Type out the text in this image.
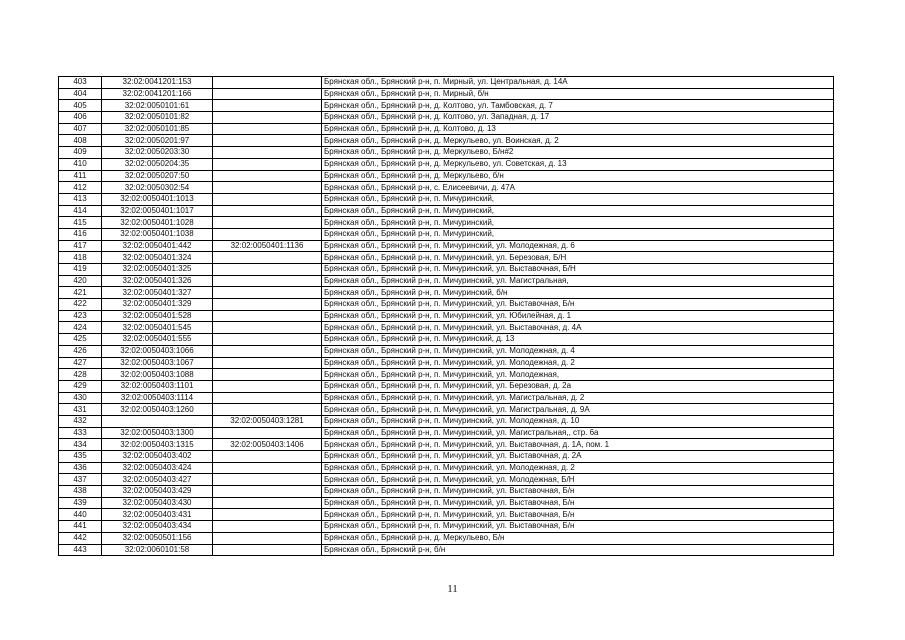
403	32:02:0041201:153		Брянская обл., Брянский р-н, п. Мирный, ул. Центральная, д. 14А
404	32:02:0041201:166		Брянская обл., Брянский р-н, п. Мирный, б/н
405	32:02:0050101:61		Брянская обл., Брянский р-н, д. Колтово, ул. Тамбовская, д. 7
406	32:02:0050101:82		Брянская обл., Брянский р-н, д. Колтово, ул. Западная, д. 17
407	32:02:0050101:85		Брянская обл., Брянский р-н, д. Колтово, д. 13
408	32:02:0050201:97		Брянская обл., Брянский р-н, д. Меркульево, ул. Воинская, д. 2
409	32:02:0050203:30		Брянская обл., Брянский р-н, д. Меркульево, Б/н#2
410	32:02:0050204:35		Брянская обл., Брянский р-н, д. Меркульево, ул. Советская, д. 13
411	32:02:0050207:50		Брянская обл., Брянский р-н, д. Меркульево, б/н
412	32:02:0050302:54		Брянская обл., Брянский р-н, с. Елисеевичи, д. 47А
413	32:02:0050401:1013		Брянская обл., Брянский р-н, п. Мичуринский,
414	32:02:0050401:1017		Брянская обл., Брянский р-н, п. Мичуринский,
415	32:02:0050401:1028		Брянская обл., Брянский р-н, п. Мичуринский,
416	32:02:0050401:1038		Брянская обл., Брянский р-н, п. Мичуринский,
417	32:02:0050401:442	32:02:0050401:1136	Брянская обл., Брянский р-н, п. Мичуринский, ул. Молодежная, д. 6
418	32:02:0050401:324		Брянская обл., Брянский р-н, п. Мичуринский, ул. Березовая, Б/Н
419	32:02:0050401:325		Брянская обл., Брянский р-н, п. Мичуринский, ул. Выставочная, Б/Н
420	32:02:0050401:326		Брянская обл., Брянский р-н, п. Мичуринский, ул. Магистральная,
421	32:02:0050401:327		Брянская обл., Брянский р-н, п. Мичуринский, б/н
422	32:02:0050401:329		Брянская обл., Брянский р-н, п. Мичуринский, ул. Выставочная, Б/н
423	32:02:0050401:528		Брянская обл., Брянский р-н, п. Мичуринский, ул. Юбилейная, д. 1
424	32:02:0050401:545		Брянская обл., Брянский р-н, п. Мичуринский, ул. Выставочная, д. 4А
425	32:02:0050401:555		Брянская обл., Брянский р-н, п. Мичуринский, д. 13
426	32:02:0050403:1066		Брянская обл., Брянский р-н, п. Мичуринский, ул. Молодежная, д. 4
427	32:02:0050403:1067		Брянская обл., Брянский р-н, п. Мичуринский, ул. Молодежная, д. 2
428	32:02:0050403:1088		Брянская обл., Брянский р-н, п. Мичуринский, ул. Молодежная,
429	32:02:0050403:1101		Брянская обл., Брянский р-н, п. Мичуринский, ул. Березовая, д. 2а
430	32:02:0050403:1114		Брянская обл., Брянский р-н, п. Мичуринский, ул. Магистральная, д. 2
431	32:02:0050403:1260		Брянская обл., Брянский р-н, п. Мичуринский, ул. Магистральная, д. 9А
432		32:02:0050403:1281	Брянская обл., Брянский р-н, п. Мичуринский, ул. Молодежная, д. 10
433	32:02:0050403:1300		Брянская обл., Брянский р-н, п. Мичуринский, ул. Магистральная,, стр. 6а
434	32:02:0050403:1315	32:02:0050403:1406	Брянская обл., Брянский р-н, п. Мичуринский, ул. Выставочная, д. 1А, пом. 1
435	32:02:0050403:402		Брянская обл., Брянский р-н, п. Мичуринский, ул. Выставочная, д. 2А
436	32:02:0050403:424		Брянская обл., Брянский р-н, п. Мичуринский, ул. Молодежная, д. 2
437	32:02:0050403:427		Брянская обл., Брянский р-н, п. Мичуринский, ул. Молодежная, Б/Н
438	32:02:0050403:429		Брянская обл., Брянский р-н, п. Мичуринский, ул. Выставочная, Б/н
439	32:02:0050403:430		Брянская обл., Брянский р-н, п. Мичуринский, ул. Выставочная, Б/н
440	32:02:0050403:431		Брянская обл., Брянский р-н, п. Мичуринский, ул. Выставочная, Б/н
441	32:02:0050403:434		Брянская обл., Брянский р-н, п. Мичуринский, ул. Выставочная, Б/н
442	32:02:0050501:156		Брянская обл., Брянский р-н, д. Меркульево, Б/н
443	32:02:0060101:58		Брянская обл., Брянский р-н, б/н
11
